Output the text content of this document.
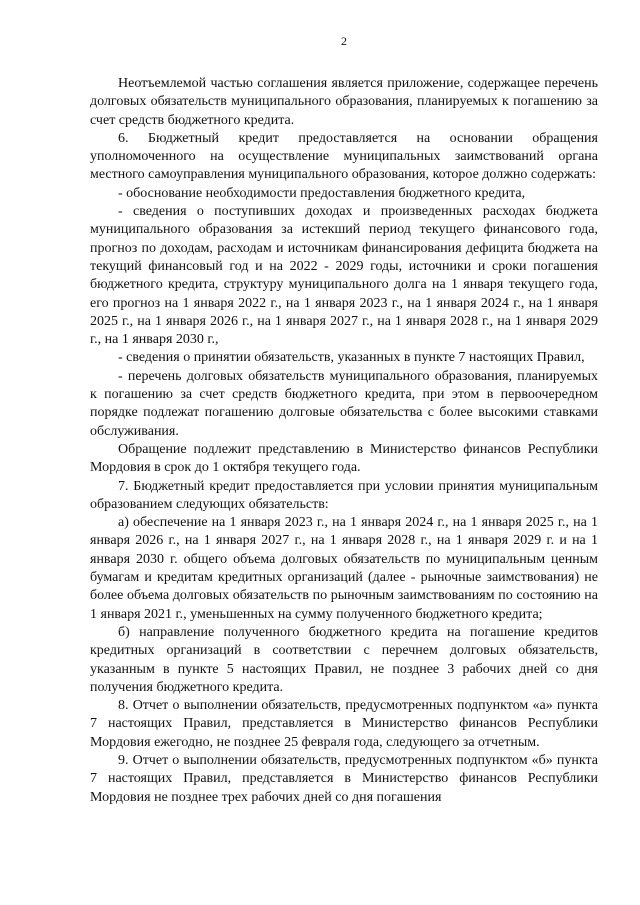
2

Неотъемлемой частью соглашения является приложение, содержащее перечень долговых обязательств муниципального образования, планируемых к погашению за счет средств бюджетного кредита.

6. Бюджетный кредит предоставляется на основании обращения уполномоченного на осуществление муниципальных заимствований органа местного самоуправления муниципального образования, которое должно содержать:

- обоснование необходимости предоставления бюджетного кредита,

- сведения о поступивших доходах и произведенных расходах бюджета муниципального образования за истекший период текущего финансового года, прогноз по доходам, расходам и источникам финансирования дефицита бюджета на текущий финансовый год и на 2022 - 2029 годы, источники и сроки погашения бюджетного кредита, структуру муниципального долга на 1 января текущего года, его прогноз на 1 января 2022 г., на 1 января 2023 г., на 1 января 2024 г., на 1 января 2025 г., на 1 января 2026 г., на 1 января 2027 г., на 1 января 2028 г., на 1 января 2029 г., на 1 января 2030 г.,

- сведения о принятии обязательств, указанных в пункте 7 настоящих Правил,

- перечень долговых обязательств муниципального образования, планируемых к погашению за счет средств бюджетного кредита, при этом в первоочередном порядке подлежат погашению долговые обязательства с более высокими ставками обслуживания.

Обращение подлежит представлению в Министерство финансов Республики Мордовия в срок до 1 октября текущего года.

7. Бюджетный кредит предоставляется при условии принятия муниципальным образованием следующих обязательств:

а) обеспечение на 1 января 2023 г., на 1 января 2024 г., на 1 января 2025 г., на 1 января 2026 г., на 1 января 2027 г., на 1 января 2028 г., на 1 января 2029 г. и на 1 января 2030 г. общего объема долговых обязательств по муниципальным ценным бумагам и кредитам кредитных организаций (далее - рыночные заимствования) не более объема долговых обязательств по рыночным заимствованиям по состоянию на 1 января 2021 г., уменьшенных на сумму полученного бюджетного кредита;

б) направление полученного бюджетного кредита на погашение кредитов кредитных организаций в соответствии с перечнем долговых обязательств, указанным в пункте 5 настоящих Правил, не позднее 3 рабочих дней со дня получения бюджетного кредита.

8. Отчет о выполнении обязательств, предусмотренных подпунктом «а» пункта 7 настоящих Правил, представляется в Министерство финансов Республики Мордовия ежегодно, не позднее 25 февраля года, следующего за отчетным.

9. Отчет о выполнении обязательств, предусмотренных подпунктом «б» пункта 7 настоящих Правил, представляется в Министерство финансов Республики Мордовия не позднее трех рабочих дней со дня погашения
